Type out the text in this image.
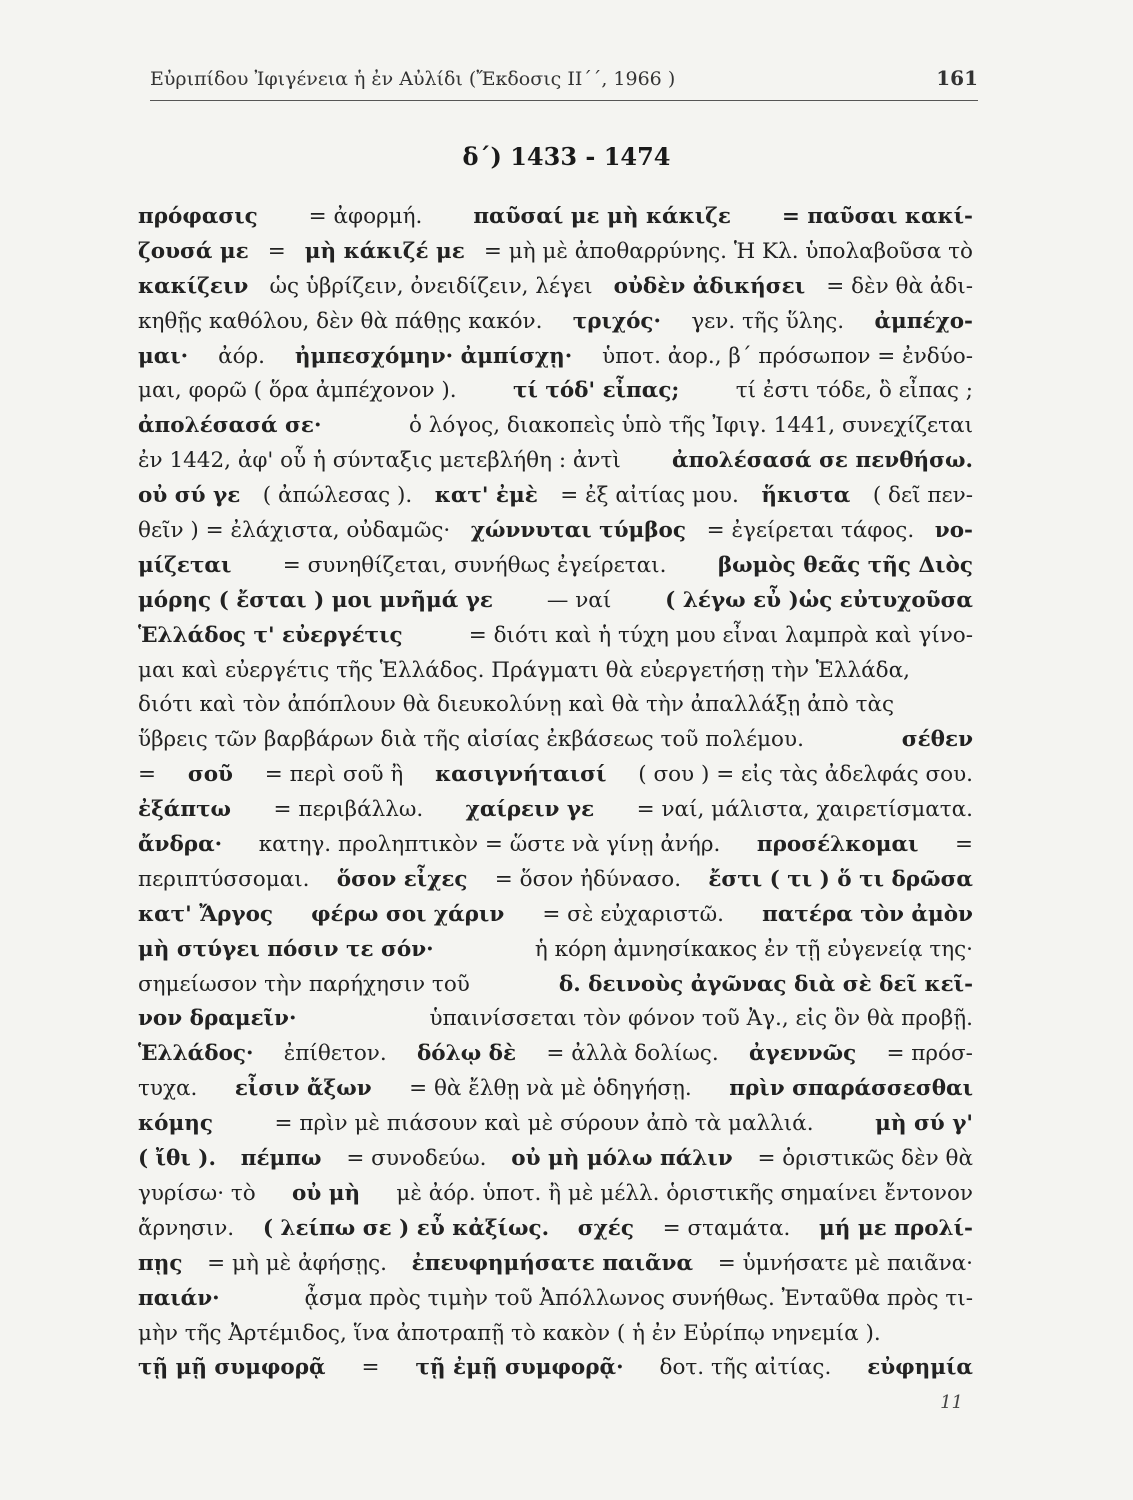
Εὐριπίδου Ἰφιγένεια ἡ ἐν Αὐλίδι (Ἔκδοσις ΙΙ΄΄, 1966 )	161
δ΄) 1433 - 1474
πρόφασις = ἀφορμή. παῦσαί με μὴ κάκιζε = παῦσαι κακί-
ζουσά με = μὴ κάκιζέ με = μὴ μὲ ἀποθαρρύνης. Ἡ Κλ. ὑπολαβοῦσα τὸ
κακίζειν ὡς ὑβρίζειν, ὀνειδίζειν, λέγει οὐδὲν ἀδικήσει = δὲν θὰ ἀδι-
κηθῇς καθόλου, δὲν θὰ πάθῃς κακόν. τριχός· γεν. τῆς ὕλης. ἀμπέχο-
μαι· ἀόρ. ἠμπεσχόμην· ἀμπίσχῃ· ὑποτ. ἀορ., β΄ πρόσωπον = ἐνδύο-
μαι, φορῶ ( ὅρα ἀμπέχονον ).	τί τόδ' εἶπας;	τί ἐστι τόδε, ὃ εἶπας ;
ἀπολέσασά σε·	ὁ λόγος, διακοπεὶς ὑπὸ τῆς Ἰφιγ. 1441, συνεχίζεται
ἐν 1442, ἀφ' οὗ ἡ σύνταξις μετεβλήθη : ἀντὶ ἀπολέσασά σε πενθήσω.
οὐ σύ γε ( ἀπώλεσας ). κατ' ἐμὲ = ἐξ αἰτίας μου. ἥκιστα ( δεῖ πεν-
θεῖν ) = ἐλάχιστα, οὐδαμῶς· χώννυται τύμβος = ἐγείρεται τάφος. νο-
μίζεται = συνηθίζεται, συνήθως ἐγείρεται. βωμὸς θεᾶς τῆς Διὸς
μόρης ( ἔσται ) μοι μνῆμά γε	— ναί	( λέγω εὖ )ὡς εὐτυχοῦσα
Ἑλλάδος τ' εὐεργέτις	= διότι καὶ ἡ τύχη μου εἶναι λαμπρὰ καὶ γίνο-
μαι καὶ εὐεργέτις τῆς Ἑλλάδος. Πράγματι θὰ εὐεργετήσῃ τὴν Ἑλλάδα,
διότι καὶ τὸν ἀπόπλουν θὰ διευκολύνῃ καὶ θὰ τὴν ἀπαλλάξῃ ἀπὸ τὰς
ὕβρεις τῶν βαρβάρων διὰ τῆς αἰσίας ἐκβάσεως τοῦ πολέμου.	σέθεν
= σοῦ = περὶ σοῦ ἢ κασιγνήταισί ( σου ) = εἰς τὰς ἀδελφάς σου.
ἐξάπτω = περιβάλλω. χαίρειν γε = ναί, μάλιστα, χαιρετίσματα.
ἄνδρα· κατηγ. προληπτικὸν = ὥστε νὰ γίνῃ ἀνήρ. προσέλκομαι =
περιπτύσσομαι. ὅσον εἶχες = ὅσον ἠδύνασο. ἔστι ( τι ) ὅ τι δρῶσα
κατ' Ἄργος φέρω σοι χάριν = σὲ εὐχαριστῶ. πατέρα τὸν ἀμὸν
μὴ στύγει πόσιν τε σόν·	ἡ κόρη ἀμνησίκακος ἐν τῇ εὐγενείᾳ της·
σημείωσον τὴν παρήχησιν τοῦ	δ. δεινοὺς ἀγῶνας διὰ σὲ δεῖ κεῖ-
νον δραμεῖν·	ὑπαινίσσεται τὸν φόνον τοῦ Ἀγ., εἰς ὃν θὰ προβῇ.
Ἑλλάδος· ἐπίθετον. δόλῳ δὲ = ἀλλὰ δολίως. ἀγεννῶς = πρόσ-
τυχα. εἶσιν ἄξων = θὰ ἔλθῃ νὰ μὲ ὁδηγήσῃ. πρὶν σπαράσσεσθαι
κόμης	= πρὶν μὲ πιάσουν καὶ μὲ σύρουν ἀπὸ τὰ μαλλιά.	μὴ σύ γ'
( ἴθι ). πέμπω = συνοδεύω. οὐ μὴ μόλω πάλιν = ὁριστικῶς δὲν θὰ
γυρίσω· τὸ οὐ μὴ μὲ ἀόρ. ὑποτ. ἢ μὲ μέλλ. ὁριστικῆς σημαίνει ἔντονον
ἄρνησιν. ( λείπω σε ) εὖ κἀξίως. σχές = σταμάτα. μή με προλί-
πῃς = μὴ μὲ ἀφήσῃς. ἐπευφημήσατε παιᾶνα = ὑμνήσατε μὲ παιᾶνα·
παιάν·	ᾆσμα πρὸς τιμὴν τοῦ Ἀπόλλωνος συνήθως. Ἐνταῦθα πρὸς τι-
μὴν τῆς Ἀρτέμιδος, ἵνα ἀποτραπῇ τὸ κακὸν ( ἡ ἐν Εὐρίπῳ νηνεμία ).
τῇ μῇ συμφορᾷ = τῇ ἐμῇ συμφορᾷ· δοτ. τῆς αἰτίας. εὐφημία
11
